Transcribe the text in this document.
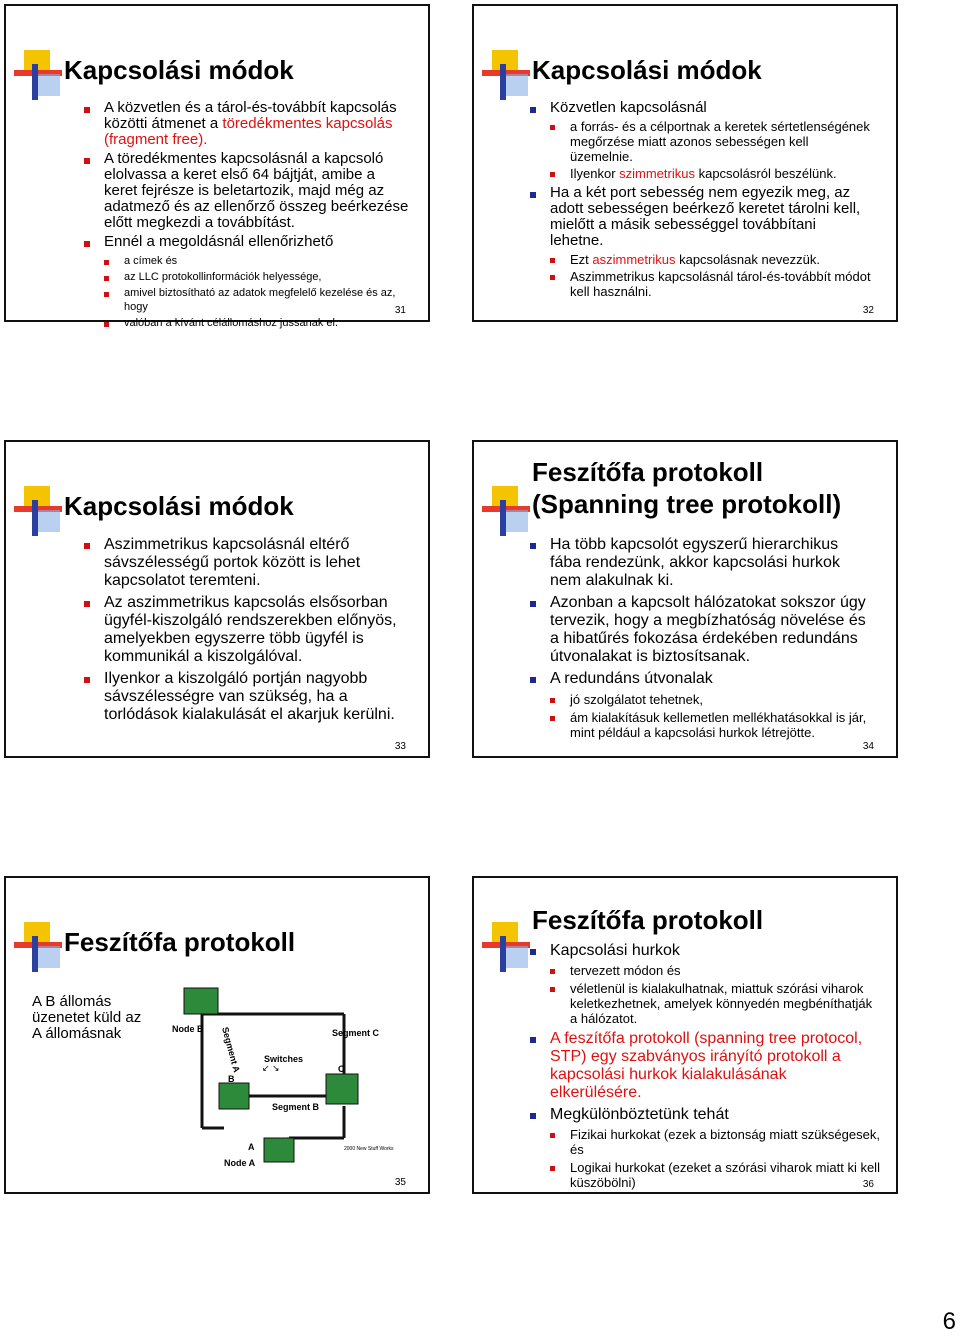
Kapcsolási módok
A közvetlen és a tárol-és-továbbít kapcsolás közötti átmenet a töredékmentes kapcsolás (fragment free).
A töredékmentes kapcsolásnál a kapcsoló elolvassa a keret első 64 bájtját, amibe a keret fejrésze is beletartozik, majd még az adatmező és az ellenőrző összeg beérkezése előtt megkezdi a továbbítást.
Ennél a megoldásnál ellenőrizhető
a címek és
az LLC protokollinformációk helyessége,
amivel biztosítható az adatok megfelelő kezelése és az, hogy
valóban a kívánt célállomáshoz jussanak el.
31
Kapcsolási módok
Közvetlen kapcsolásnál
a forrás- és a célportnak a keretek sértetlenségének megőrzése miatt azonos sebességen kell üzemelnie.
Ilyenkor szimmetrikus kapcsolásról beszélünk.
Ha a két port sebesség nem egyezik meg, az adott sebességen beérkező keretet tárolni kell, mielőtt a másik sebességgel továbbítani lehetne.
Ezt aszimmetrikus kapcsolásnak nevezzük.
Aszimmetrikus kapcsolásnál tárol-és-továbbít módot kell használni.
32
Kapcsolási módok
Aszimmetrikus kapcsolásnál eltérő sávszélességű portok között is lehet kapcsolatot teremteni.
Az aszimmetrikus kapcsolás elsősorban ügyfél-kiszolgáló rendszerekben előnyös, amelyekben egyszerre több ügyfél is kommunikál a kiszolgálóval.
Ilyenkor a kiszolgáló portján nagyobb sávszélességre van szükség, ha a torlódások kialakulását el akarjuk kerülni.
33
Feszítőfa protokoll
(Spanning tree protokoll)
Ha több kapcsolót egyszerű hierarchikus fába rendezünk, akkor kapcsolási hurkok nem alakulnak ki.
Azonban a kapcsolt hálózatokat sokszor úgy tervezik, hogy a megbízhatóság növelése és a hibatűrés fokozása érdekében redundáns útvonalakat is biztosítsanak.
A redundáns útvonalak
jó szolgálatot tehetnek,
ám kialakításuk kellemetlen mellékhatásokkal is jár, mint például a kapcsolási hurkok létrejötte.
34
Feszítőfa protokoll
A B állomás üzenetet küld az A állomásnak	Node B	Segment C
Segment A Switches
↙ ↘
B
C
Segment B
A
Node A
2000 New Stuff Works
35
Feszítőfa protokoll
Kapcsolási hurkok
tervezett módon és
véletlenül is kialakulhatnak, miattuk szórási viharok keletkezhetnek, amelyek könnyedén megbéníthatják a hálózatot.
A feszítőfa protokoll (spanning tree protocol, STP) egy szabványos irányító protokoll a kapcsolási hurkok kialakulásának elkerülésére.
Megkülönböztetünk tehát
Fizikai hurkokat (ezek a biztonság miatt szükségesek, és
Logikai hurkokat (ezeket a szórási viharok miatt ki kell küszöbölni)	36
6
